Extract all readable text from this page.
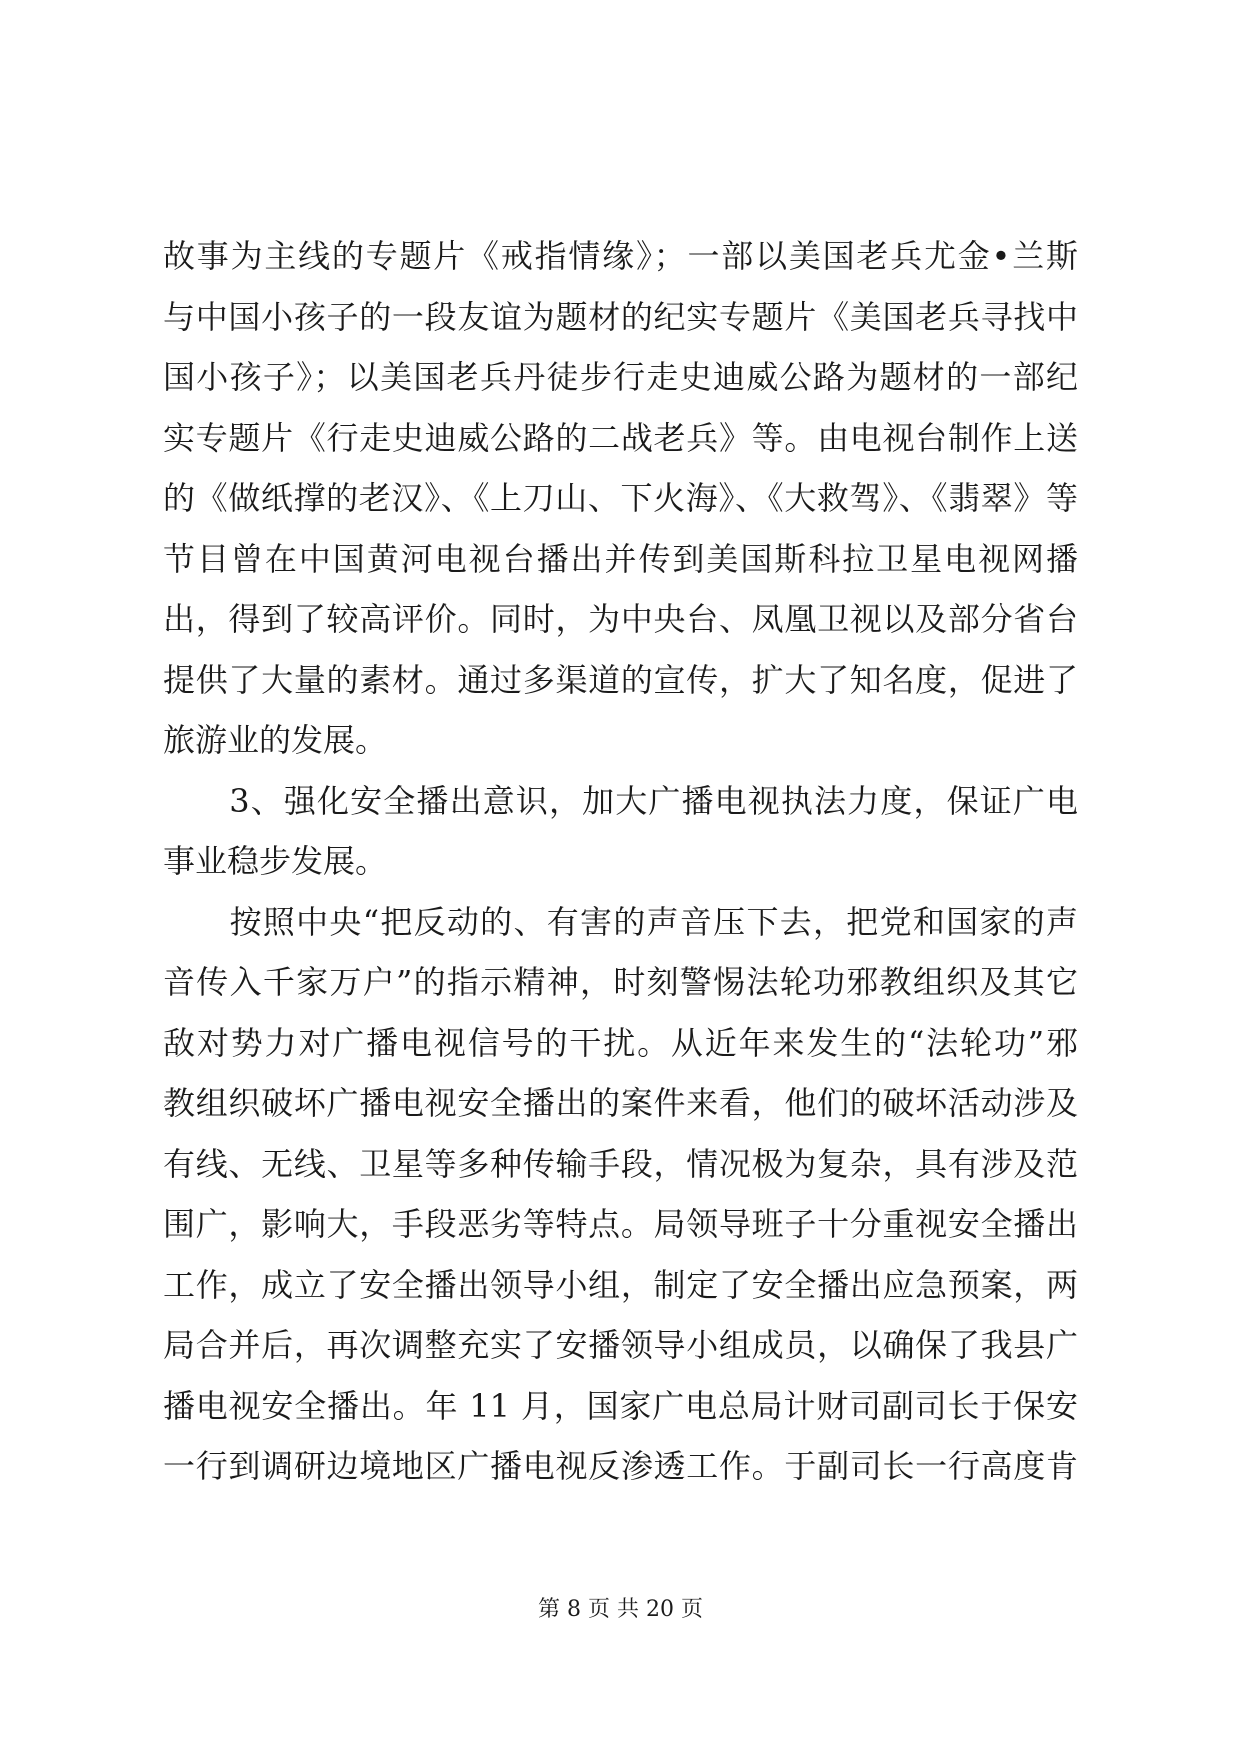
故事为主线的专题片《戒指情缘》；一部以美国老兵尤金•兰斯
与中国小孩子的一段友谊为题材的纪实专题片《美国老兵寻找中
国小孩子》；以美国老兵丹徒步行走史迪威公路为题材的一部纪
实专题片《行走史迪威公路的二战老兵》等。由电视台制作上送
的《做纸撑的老汉》、《上刀山、下火海》、《大救驾》、《翡翠》等
节目曾在中国黄河电视台播出并传到美国斯科拉卫星电视网播
出，得到了较高评价。同时，为中央台、凤凰卫视以及部分省台
提供了大量的素材。通过多渠道的宣传，扩大了知名度，促进了
旅游业的发展。
　　3、强化安全播出意识，加大广播电视执法力度，保证广电
事业稳步发展。
　　按照中央“把反动的、有害的声音压下去，把党和国家的声
音传入千家万户”的指示精神，时刻警惕法轮功邪教组织及其它
敌对势力对广播电视信号的干扰。从近年来发生的“法轮功”邪
教组织破坏广播电视安全播出的案件来看，他们的破坏活动涉及
有线、无线、卫星等多种传输手段，情况极为复杂，具有涉及范
围广，影响大，手段恶劣等特点。局领导班子十分重视安全播出
工作，成立了安全播出领导小组，制定了安全播出应急预案，两
局合并后，再次调整充实了安播领导小组成员，以确保了我县广
播电视安全播出。年 11 月，国家广电总局计财司副司长于保安
一行到调研边境地区广播电视反渗透工作。于副司长一行高度肯
第 8 页 共 20 页
